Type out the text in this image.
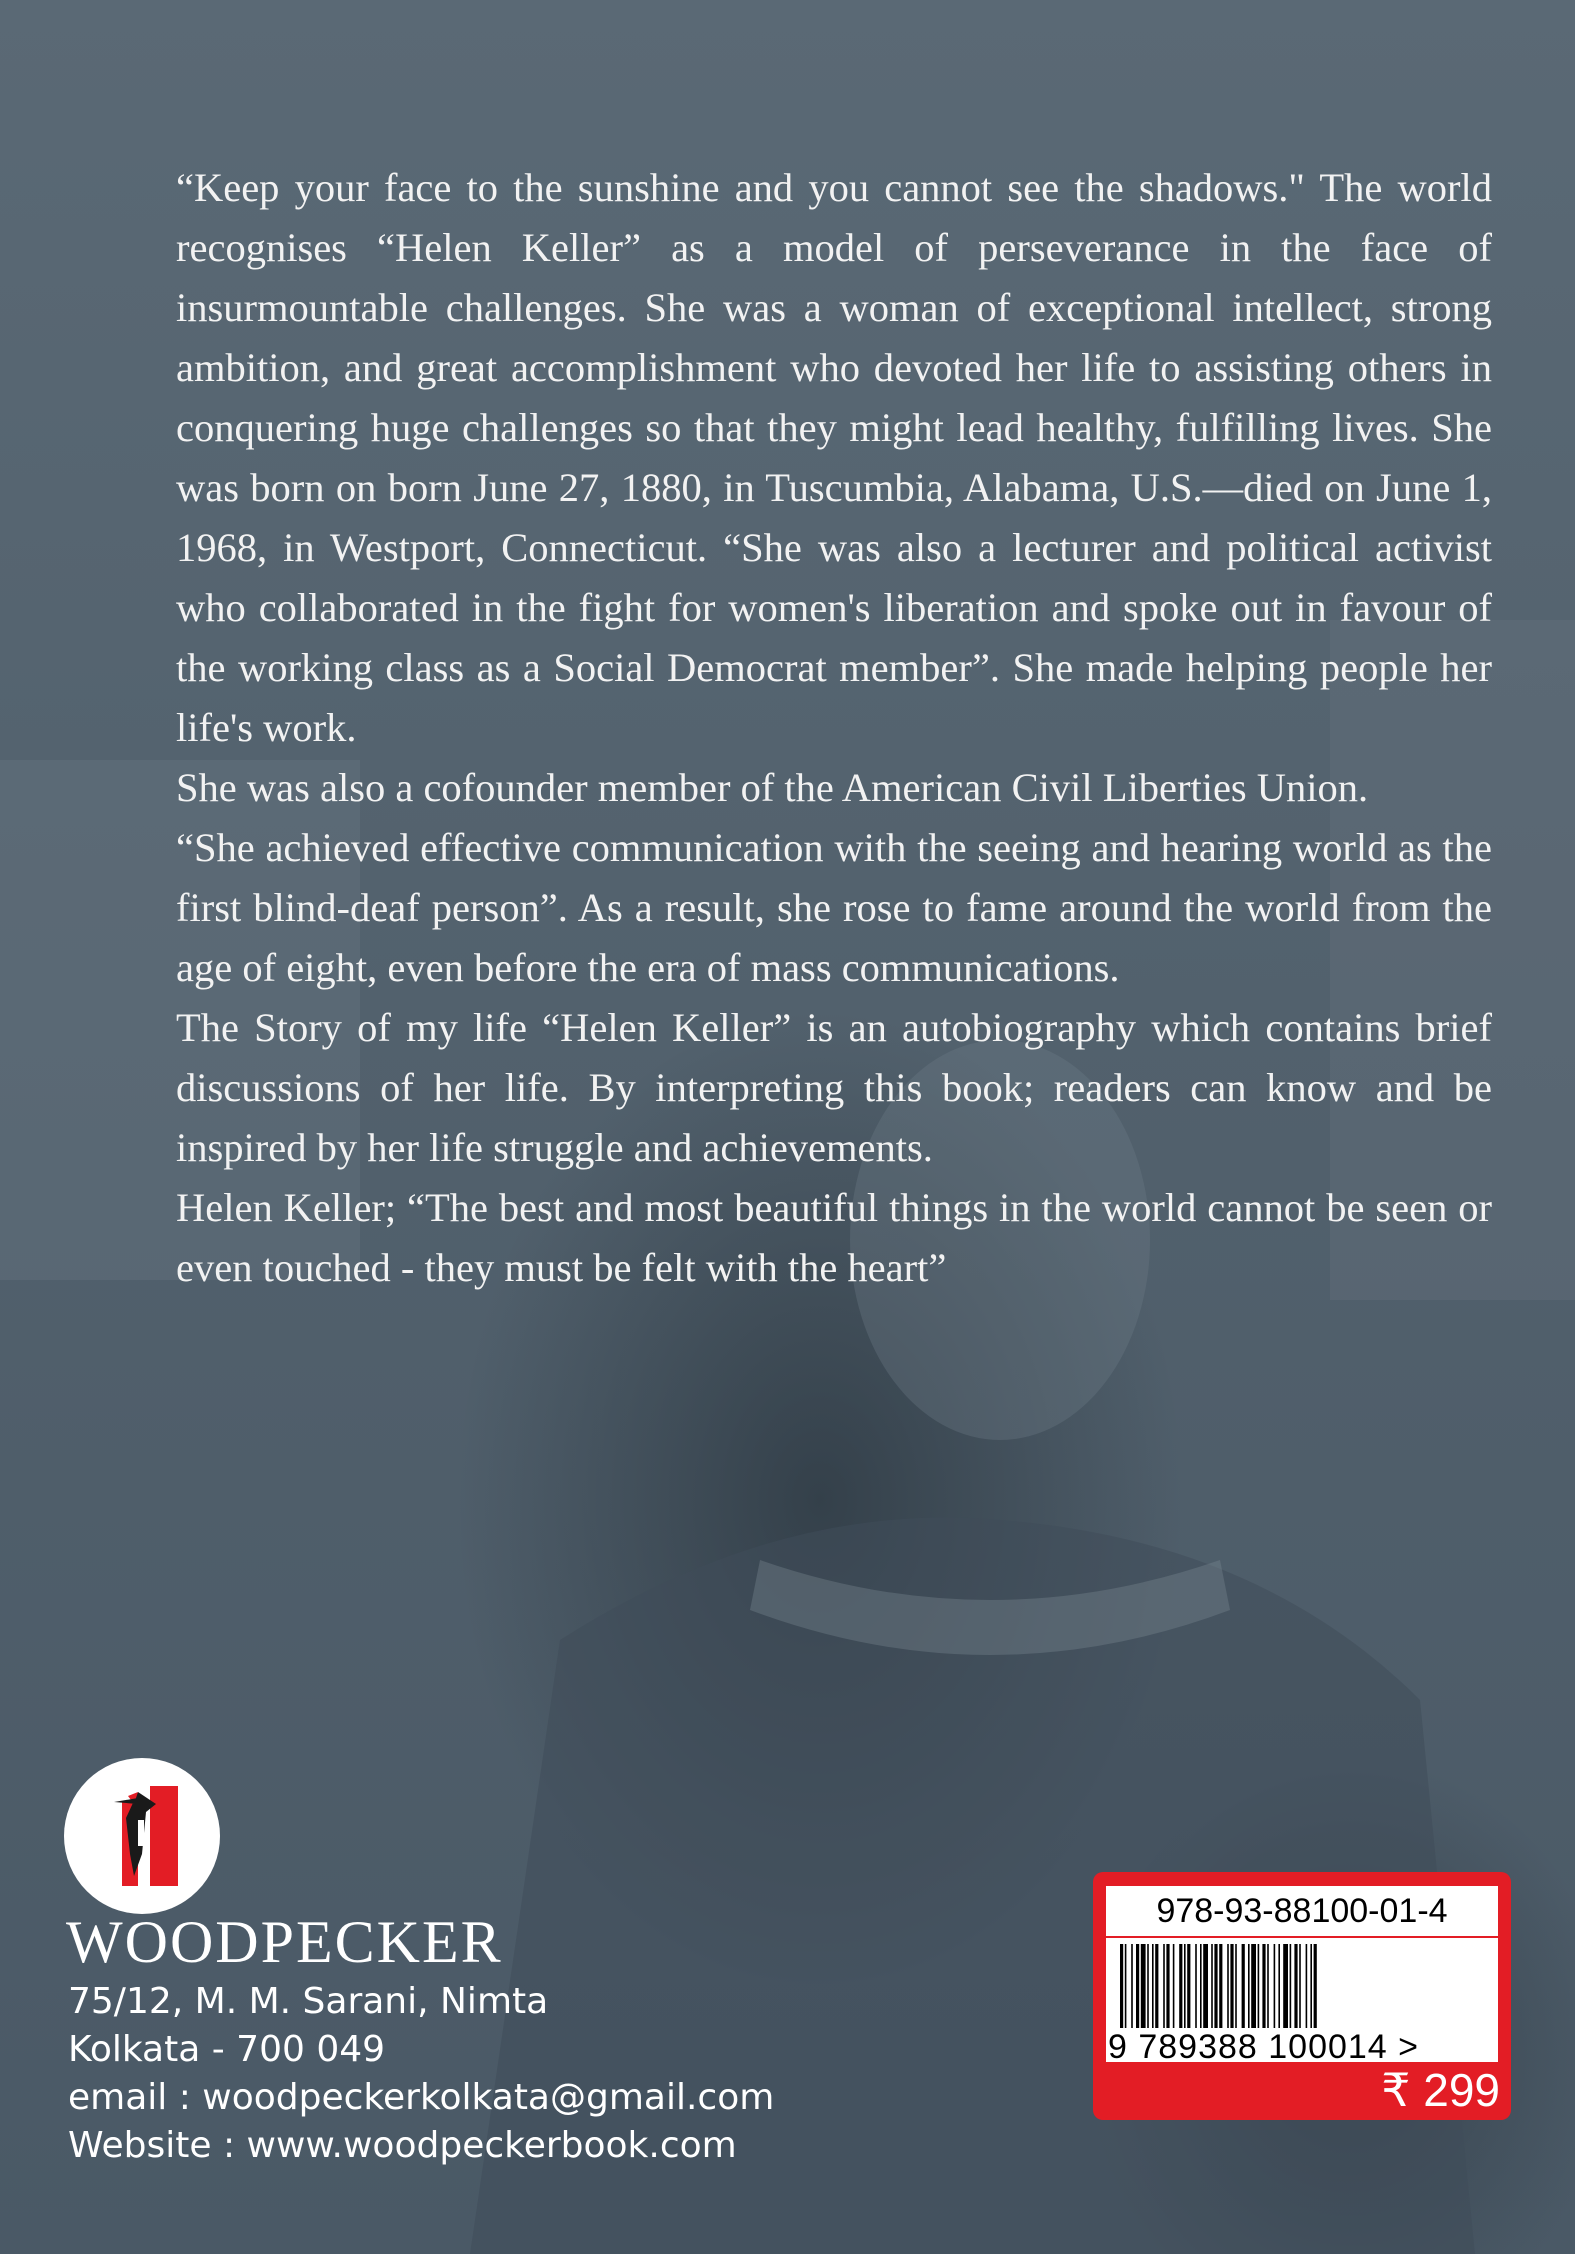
“Keep your face to the sunshine and you cannot see the shadows." The world recognises “Helen Keller” as a model of perseverance in the face of insurmountable challenges. She was a woman of exceptional intellect, strong ambition, and great accomplishment who devoted her life to assisting others in conquering huge challenges so that they might lead healthy, fulfilling lives. She was born on born June 27, 1880, in Tuscumbia, Alabama, U.S.—died on June 1, 1968, in Westport, Connecticut. “She was also a lecturer and political activist who collaborated in the fight for women's liberation and spoke out in favour of the working class as a Social Democrat member”. She made helping people her life's work.

She was also a cofounder member of the American Civil Liberties Union.

“She achieved effective communication with the seeing and hearing world as the first blind-deaf person”. As a result, she rose to fame around the world from the age of eight, even before the era of mass communications.

The Story of my life “Helen Keller” is an autobiography which contains brief discussions of her life. By interpreting this book; readers can know and be inspired by her life struggle and achievements.

Helen Keller; “The best and most beautiful things in the world cannot be seen or even touched - they must be felt with the heart”

WOODPECKER
75/12, M. M. Sarani, Nimta
Kolkata - 700 049
email : woodpeckerkolkata@gmail.com
Website : www.woodpeckerbook.com
978-93-88100-01-4
9 789388 100014 >
₹ 299
